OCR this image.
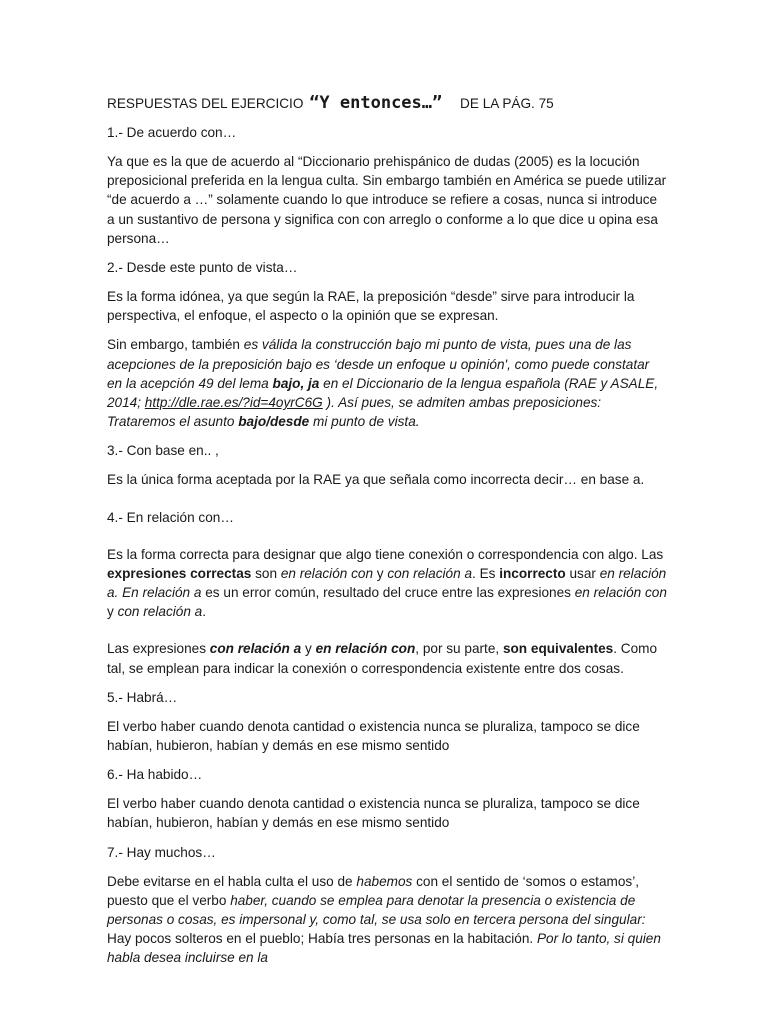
RESPUESTAS DEL EJERCICIO “Y entonces…” DE LA PÁG. 75
1.- De acuerdo con…

Ya que es la que de acuerdo al “Diccionario prehispánico de dudas (2005) es la locución preposicional preferida en la lengua culta. Sin embargo también en América se puede utilizar “de acuerdo a …” solamente cuando lo que introduce se refiere a cosas, nunca si introduce a un sustantivo de persona y significa con con arreglo o conforme a lo que dice u opina esa persona…

2.- Desde este punto de vista…

Es la forma idónea, ya que según la RAE, la preposición “desde” sirve para introducir la perspectiva, el enfoque, el aspecto o la opinión que se expresan.

Sin embargo, también es válida la construcción bajo mi punto de vista, pues una de las acepciones de la preposición bajo es ‘desde un enfoque u opinión', como puede constatar en la acepción 49 del lema bajo, ja en el Diccionario de la lengua española (RAE y ASALE, 2014; http://dle.rae.es/?id=4oyrC6G ). Así pues, se admiten ambas preposiciones: Trataremos el asunto bajo/desde mi punto de vista.

3.- Con base en.. ,

Es la única forma aceptada por la RAE ya que señala como incorrecta decir… en base a.

4.- En relación con…

Es la forma correcta para designar que algo tiene conexión o correspondencia con algo. Las expresiones correctas son en relación con y con relación a. Es incorrecto usar en relación a. En relación a es un error común, resultado del cruce entre las expresiones en relación con y con relación a.

Las expresiones con relación a y en relación con, por su parte, son equivalentes. Como tal, se emplean para indicar la conexión o correspondencia existente entre dos cosas.

5.- Habrá…

El verbo haber cuando denota cantidad o existencia nunca se pluraliza, tampoco se dice habían, hubieron, habían y demás en ese mismo sentido

6.- Ha habido…

El verbo haber cuando denota cantidad o existencia nunca se pluraliza, tampoco se dice habían, hubieron, habían y demás en ese mismo sentido

7.- Hay muchos…

Debe evitarse en el habla culta el uso de habemos con el sentido de ‘somos o estamos’, puesto que el verbo haber, cuando se emplea para denotar la presencia o existencia de personas o cosas, es impersonal y, como tal, se usa solo en tercera persona del singular: Hay pocos solteros en el pueblo; Había tres personas en la habitación. Por lo tanto, si quien habla desea incluirse en la
